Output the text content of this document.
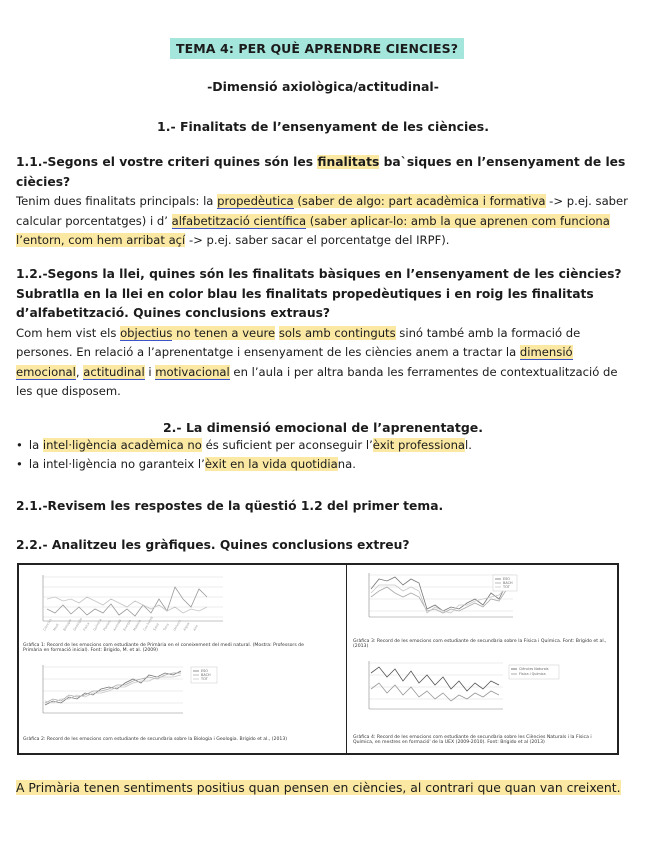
TEMA 4: PER QUÈ APRENDRE CIENCIES?
-Dimensió axiològica/actitudinal-
1.- Finalitats de l’ensenyament de les ciències.
1.1.-Segons el vostre criteri quines són les finalitats ba`siques en l’ensenyament de les ciècies?
Tenim dues finalitats principals: la propedèutica (saber de algo: part acadèmica i formativa -> p.ej. saber calcular porcentatges) i d’ alfabetització científica (saber aplicar-lo: amb la que aprenen com funciona l’entorn, com hem arribat açí -> p.ej. saber sacar el porcentatge del IRPF).
1.2.-Segons la llei, quines són les finalitats bàsiques en l’ensenyament de les ciències? Subratlla en la llei en color blau les finalitats propedèutiques i en roig les finalitats d’alfabetització. Quines conclusions extraus?
Com hem vist els objectius no tenen a veure sols amb continguts sinó també amb la formació de persones. En relació a l’aprenentatge i ensenyament de les ciències anem a tractar la dimensió emocional, actitudinal i motivacional en l’aula i per altra banda les ferramentes de contextualització de les que disposem.
2.- La dimensió emocional de l’aprenentatge.
• la intel·ligència acadèmica no és suficient per aconseguir l’èxit professional.
• la intel·ligència no garanteix l’èxit en la vida quotidiana.
2.1.-Revisem les respostes de la qüestió 1.2 del primer tema.
2.2.- Analitzeu les gràfiques. Quines conclusions extreu?
Ciències Medi Biologia Geologia Física Química Plantes Animals Energia Matèria Cos humà
Salut Terra Univers Aigua Aire
Gràfica 1: Record de les emocions com estudiante de Primària en el coneixement del medi natural. (Mostra: Professors de Primària en formació inicial). Font: Brígido, M. et al. (2009)
ESO
BACH
TOT
Gràfica 2: Record de les emocions com estudiante de secundària sobre la Biologia i Geologia. Brígido et al., (2013)
ESO
BACH
TOT
Gràfica 3: Record de les emocions com estudiante de secundària sobre la Física i Química. Font: Brígido et al., (2013)
Ciències Naturals
Física i Química
Gràfica 4: Record de les emocions com estudiante de secundària sobre les Ciències Naturals i la Física i Química, en mestres en formació' de la UEX (2009-2010). Font: Brígido et al (2013)
A Primària tenen sentiments positius quan pensen en ciències, al contrari que quan van creixent.
